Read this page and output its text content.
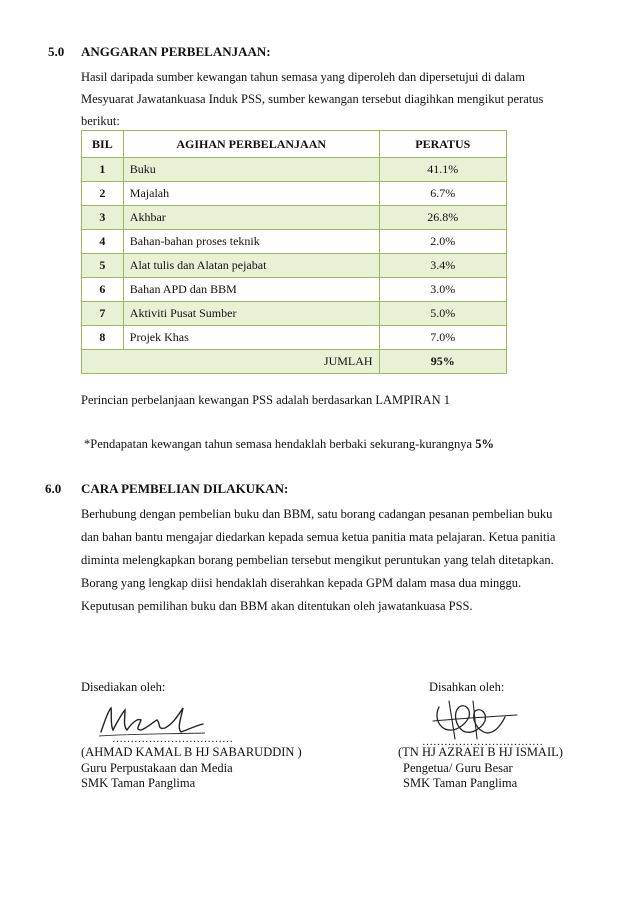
5.0 ANGGARAN PERBELANJAAN:
Hasil daripada sumber kewangan tahun semasa yang diperoleh dan dipersetujui di dalam
Mesyuarat Jawatankuasa Induk PSS, sumber kewangan tersebut diagihkan mengikut peratus
berikut:
BIL	AGIHAN PERBELANJAAN	PERATUS
1	Buku	41.1%
2	Majalah	6.7%
3	Akhbar	26.8%
4	Bahan-bahan proses teknik	2.0%
5	Alat tulis dan Alatan pejabat	3.4%
6	Bahan APD dan BBM	3.0%
7	Aktiviti Pusat Sumber	5.0%
8	Projek Khas	7.0%
JUMLAH		95%
Perincian perbelanjaan kewangan PSS adalah berdasarkan LAMPIRAN 1
*Pendapatan kewangan tahun semasa hendaklah berbaki sekurang-kurangnya 5%
6.0 CARA PEMBELIAN DILAKUKAN:
Berhubung dengan pembelian buku dan BBM, satu borang cadangan pesanan pembelian buku
dan bahan bantu mengajar diedarkan kepada semua ketua panitia mata pelajaran. Ketua panitia
diminta melengkapkan borang pembelian tersebut mengikut peruntukan yang telah ditetapkan.
Borang yang lengkap diisi hendaklah diserahkan kepada GPM dalam masa dua minggu.
Keputusan pemilihan buku dan BBM akan ditentukan oleh jawatankuasa PSS.
Disediakan oleh:	Disahkan oleh:
……………………………	……………………………
(AHMAD KAMAL B HJ SABARUDDIN )
Guru Perpustakaan dan Media
SMK Taman Panglima
(TN HJ AZRAEI B HJ ISMAIL)
Pengetua/ Guru Besar
SMK Taman Panglima
